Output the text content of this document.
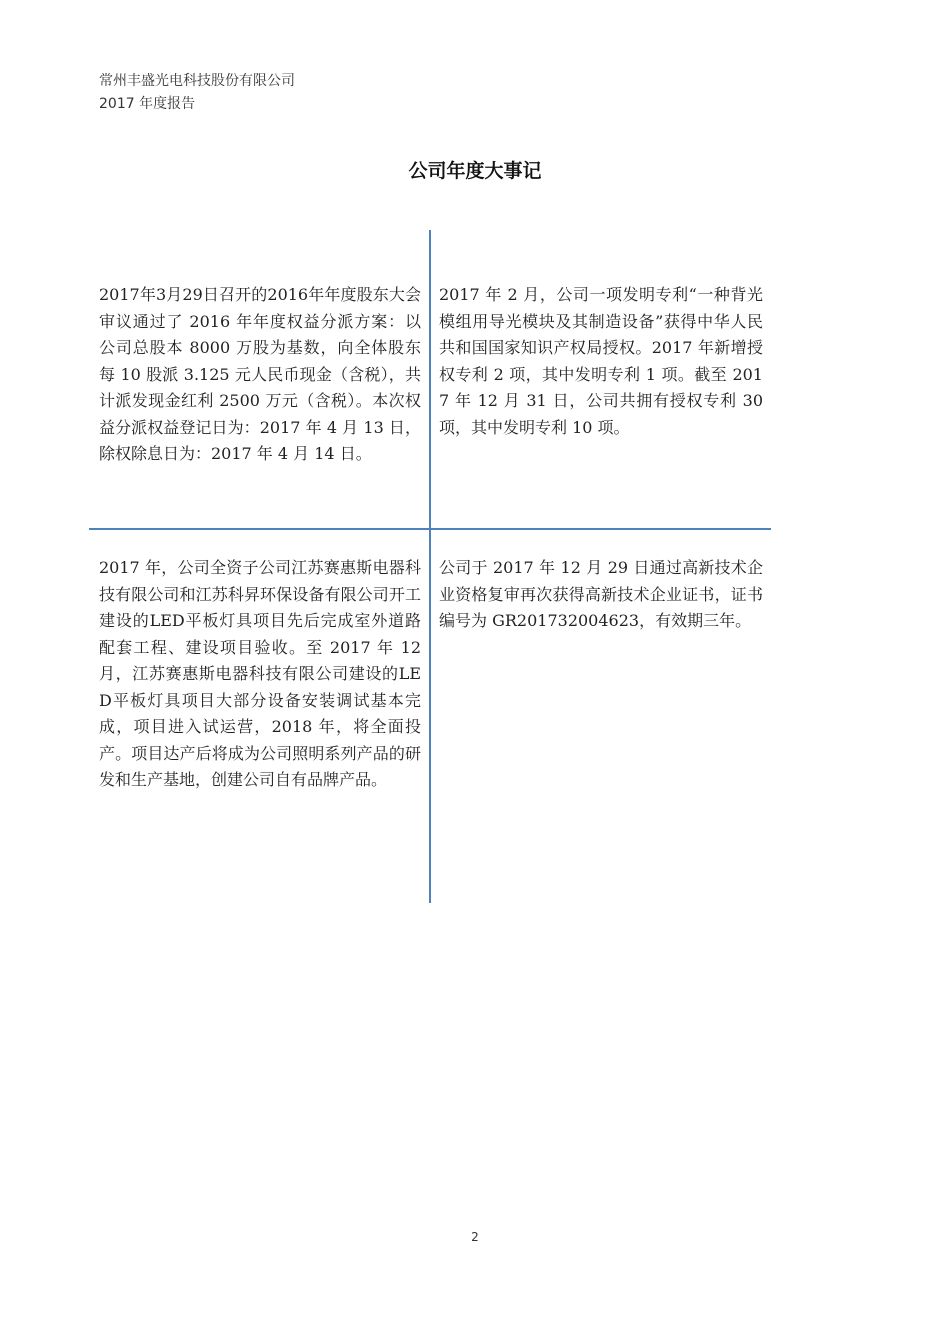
常州丰盛光电科技股份有限公司
2017 年度报告
公司年度大事记
2017年3月29日召开的2016年年度股东大会审议通过了 2016 年年度权益分派方案：以公司总股本 8000 万股为基数，向全体股东每 10 股派 3.125 元人民币现金（含税），共计派发现金红利 2500 万元（含税）。本次权益分派权益登记日为：2017 年 4 月 13 日，除权除息日为：2017 年 4 月 14 日。
2017 年 2 月，公司一项发明专利“一种背光模组用导光模块及其制造设备”获得中华人民共和国国家知识产权局授权。2017 年新增授权专利 2 项，其中发明专利 1 项。截至 2017 年 12 月 31 日，公司共拥有授权专利 30 项，其中发明专利 10 项。
2017 年，公司全资子公司江苏赛惠斯电器科技有限公司和江苏科昇环保设备有限公司开工建设的LED平板灯具项目先后完成室外道路配套工程、建设项目验收。至 2017 年 12 月，江苏赛惠斯电器科技有限公司建设的LED平板灯具项目大部分设备安装调试基本完成，项目进入试运营，2018 年，将全面投产。项目达产后将成为公司照明系列产品的研发和生产基地，创建公司自有品牌产品。
公司于 2017 年 12 月 29 日通过高新技术企业资格复审再次获得高新技术企业证书，证书编号为 GR201732004623，有效期三年。
2
